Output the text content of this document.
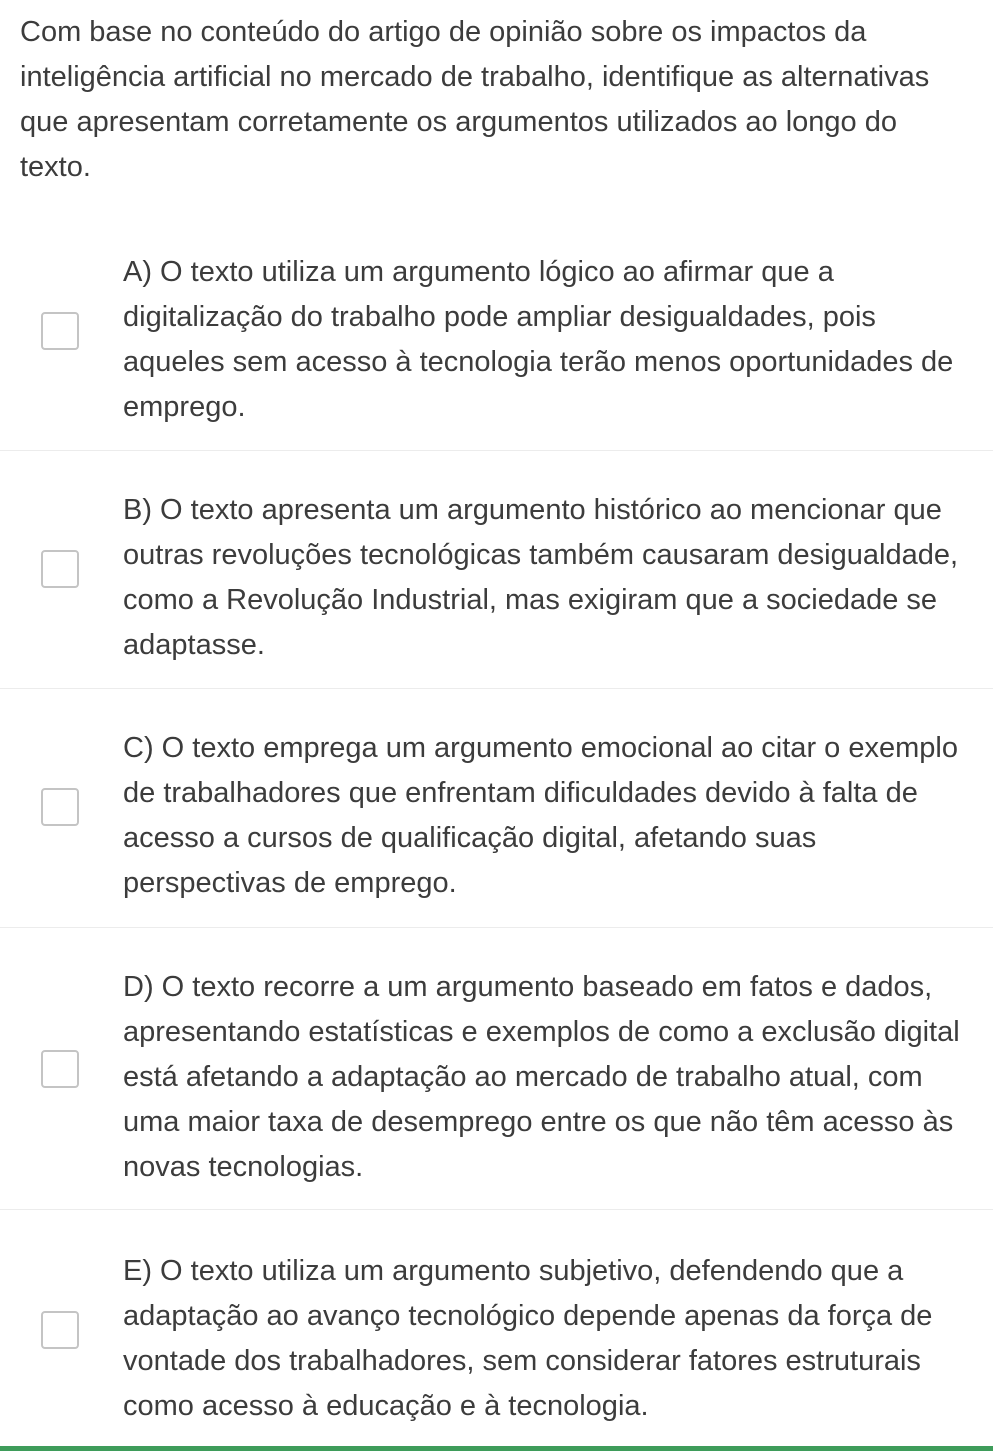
Com base no conteúdo do artigo de opinião sobre os impactos da inteligência artificial no mercado de trabalho, identifique as alternativas que apresentam corretamente os argumentos utilizados ao longo do texto.

A) O texto utiliza um argumento lógico ao afirmar que a digitalização do trabalho pode ampliar desigualdades, pois aqueles sem acesso à tecnologia terão menos oportunidades de emprego.

B) O texto apresenta um argumento histórico ao mencionar que outras revoluções tecnológicas também causaram desigualdade, como a Revolução Industrial, mas exigiram que a sociedade se adaptasse.

C) O texto emprega um argumento emocional ao citar o exemplo de trabalhadores que enfrentam dificuldades devido à falta de acesso a cursos de qualificação digital, afetando suas perspectivas de emprego.

D) O texto recorre a um argumento baseado em fatos e dados, apresentando estatísticas e exemplos de como a exclusão digital está afetando a adaptação ao mercado de trabalho atual, com uma maior taxa de desemprego entre os que não têm acesso às novas tecnologias.

E) O texto utiliza um argumento subjetivo, defendendo que a adaptação ao avanço tecnológico depende apenas da força de vontade dos trabalhadores, sem considerar fatores estruturais como acesso à educação e à tecnologia.
